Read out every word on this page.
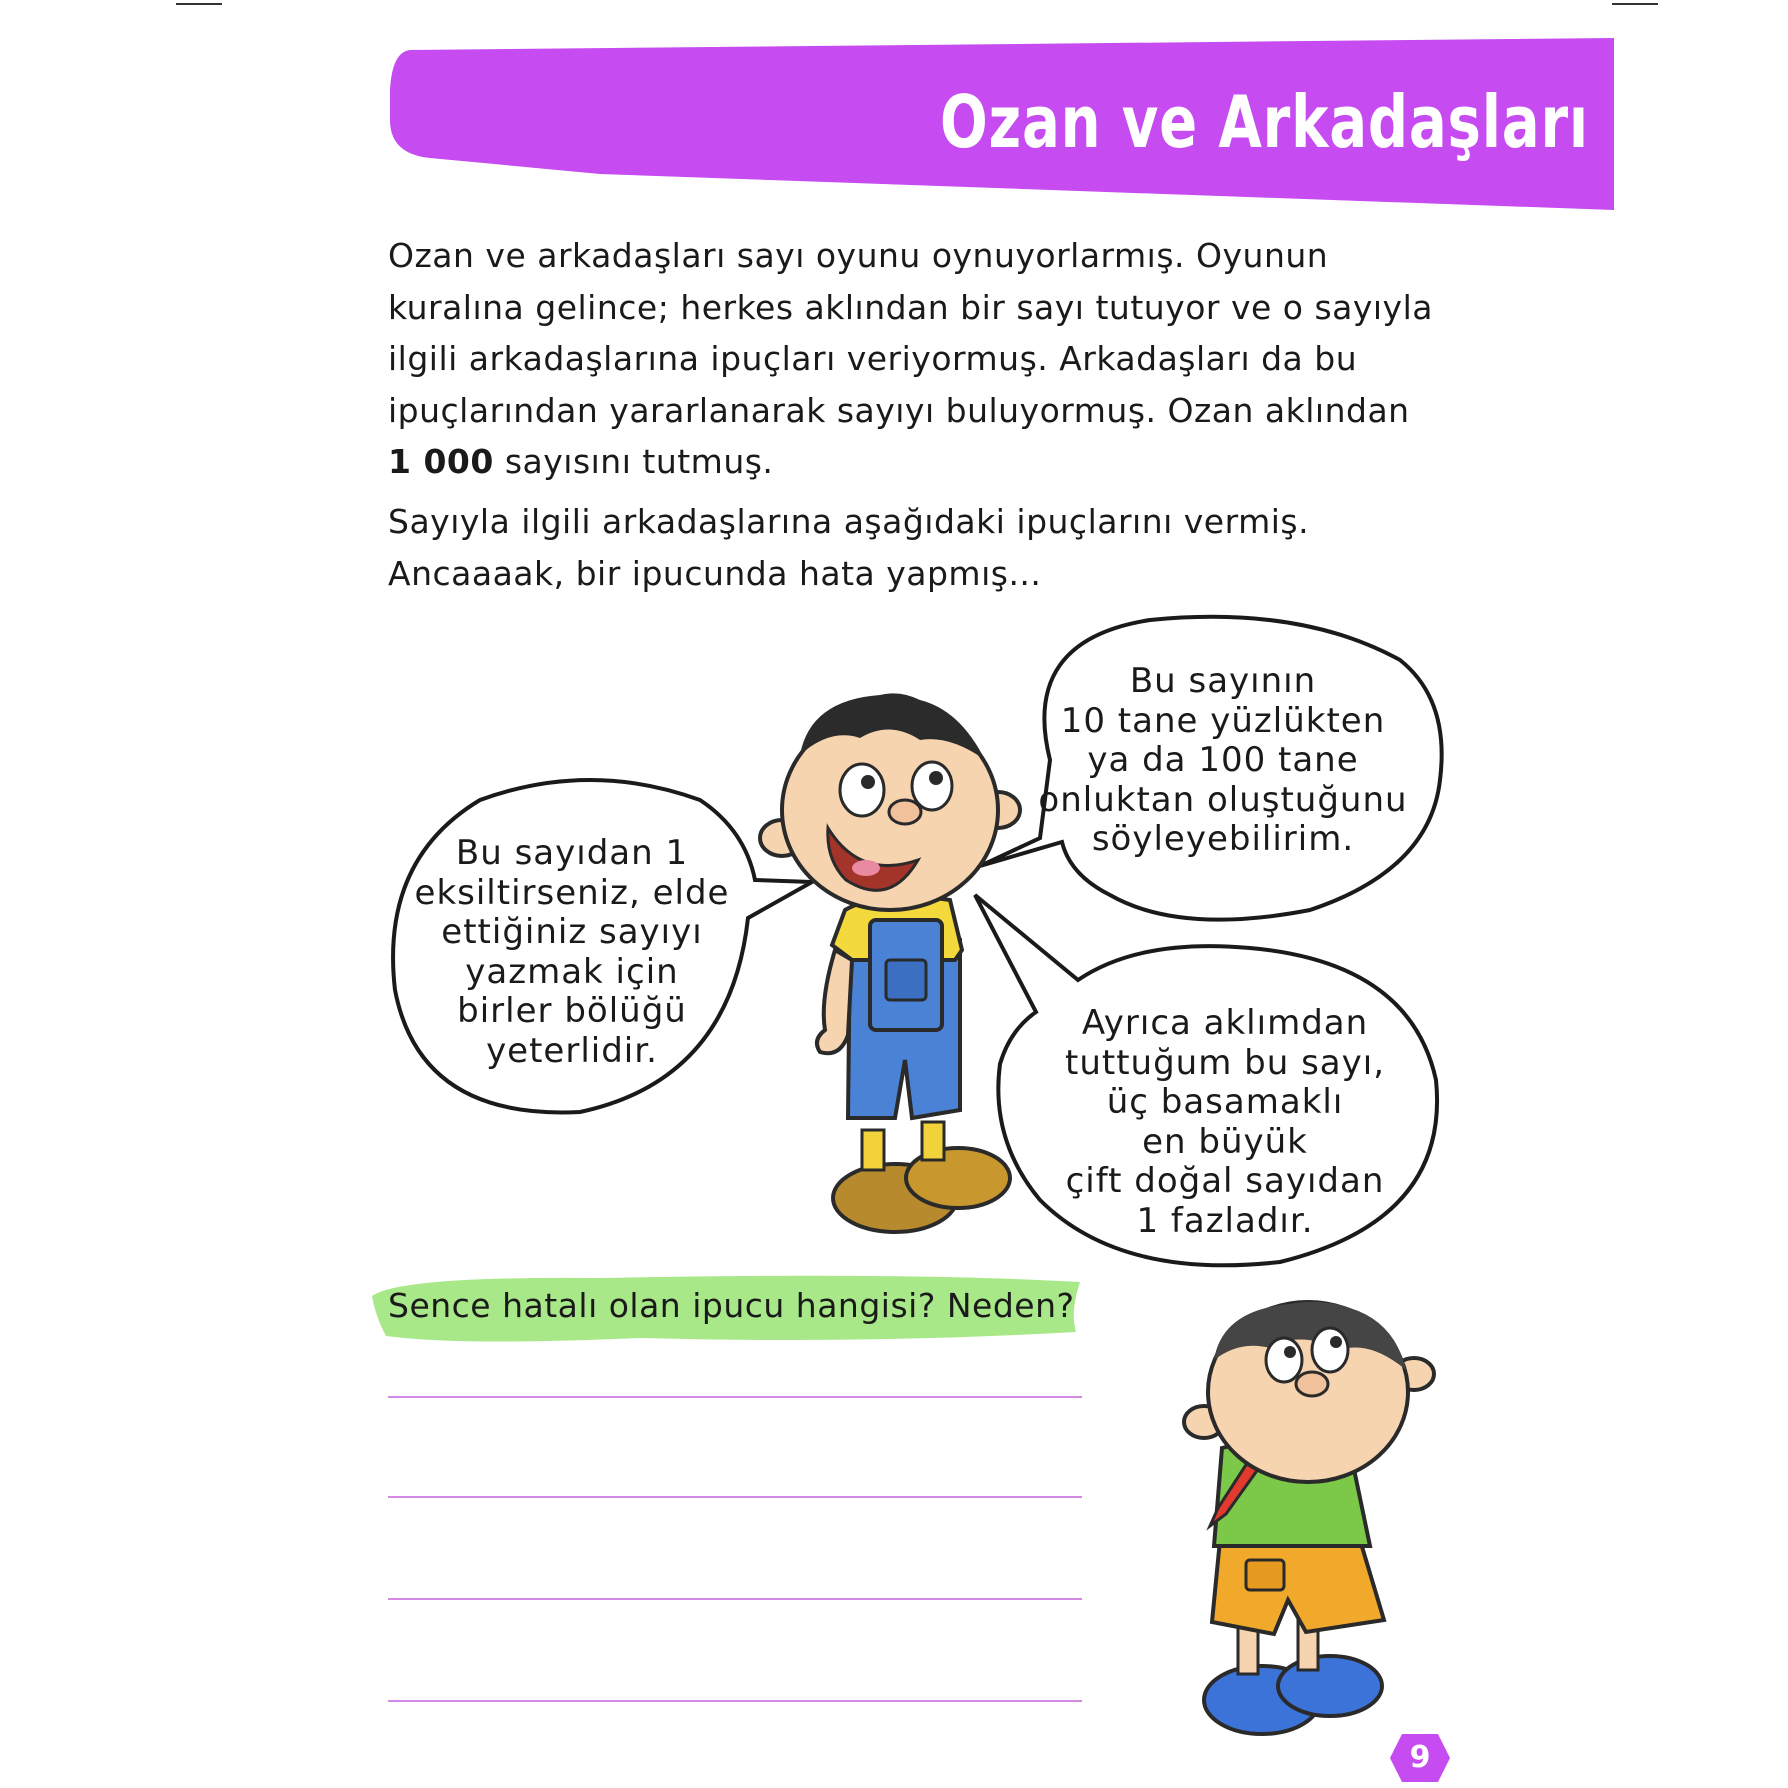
Ozan ve Arkadaşları
Ozan ve arkadaşları sayı oyunu oynuyorlarmış. Oyunun
kuralına gelince; herkes aklından bir sayı tutuyor ve o sayıyla
ilgili arkadaşlarına ipuçları veriyormuş. Arkadaşları da bu
ipuçlarından yararlanarak sayıyı buluyormuş. Ozan aklından
1 000 sayısını tutmuş.
Sayıyla ilgili arkadaşlarına aşağıdaki ipuçlarını vermiş.
Ancaaaak, bir ipucunda hata yapmış...
Bu sayıdan 1
eksiltirseniz, elde
ettiğiniz sayıyı
yazmak için
birler bölüğü
yeterlidir.
Bu sayının
10 tane yüzlükten
ya da 100 tane
onluktan oluştuğunu
söyleyebilirim.
Ayrıca aklımdan
tuttuğum bu sayı,
üç basamaklı
en büyük
çift doğal sayıdan
1 fazladır.
Sence hatalı olan ipucu hangisi? Neden?
9
